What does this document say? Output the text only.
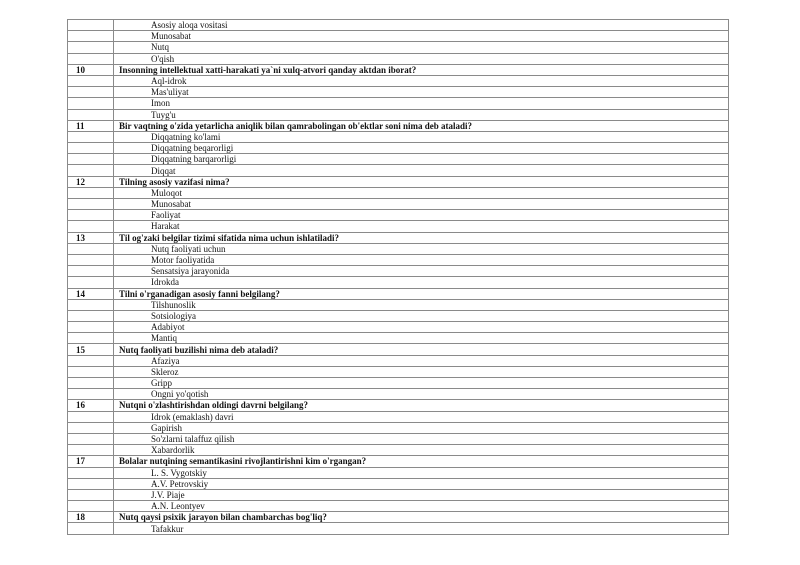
	Asosiy aloqa vositasi
	Munosabat
	Nutq
	O'qish
10	Insonning intellektual xatti-harakati ya`ni xulq-atvori qanday aktdan iborat?
	Aql-idrok
	Mas'uliyat
	Imon
	Tuyg'u
11	Bir vaqtning o'zida yetarlicha aniqlik bilan qamrabolingan ob'ektlar soni nima deb ataladi?
	Diqqatning ko'lami
	Diqqatning beqarorligi
	Diqqatning barqarorligi
	Diqqat
12	Tilning asosiy vazifasi nima?
	Muloqot
	Munosabat
	Faoliyat
	Harakat
13	Til og'zaki belgilar tizimi sifatida nima uchun ishlatiladi?
	Nutq faoliyati uchun
	Motor faoliyatida
	Sensatsiya jarayonida
	Idrokda
14	Tilni o'rganadigan asosiy fanni belgilang?
	Tilshunoslik
	Sotsiologiya
	Adabiyot
	Mantiq
15	Nutq faoliyati buzilishi nima deb ataladi?
	Afaziya
	Skleroz
	Gripp
	Ongni yo'qotish
16	Nutqni o'zlashtirishdan oldingi davrni belgilang?
	Idrok (emaklash) davri
	Gapirish
	So'zlarni talaffuz qilish
	Xabardorlik
17	Bolalar nutqining semantikasini rivojlantirishni kim o'rgangan?
	L. S. Vygotskiy
	A.V. Petrovskiy
	J.V. Piaje
	A.N. Leontyev
18	Nutq qaysi psixik jarayon bilan chambarchas bog'liq?
	Tafakkur
